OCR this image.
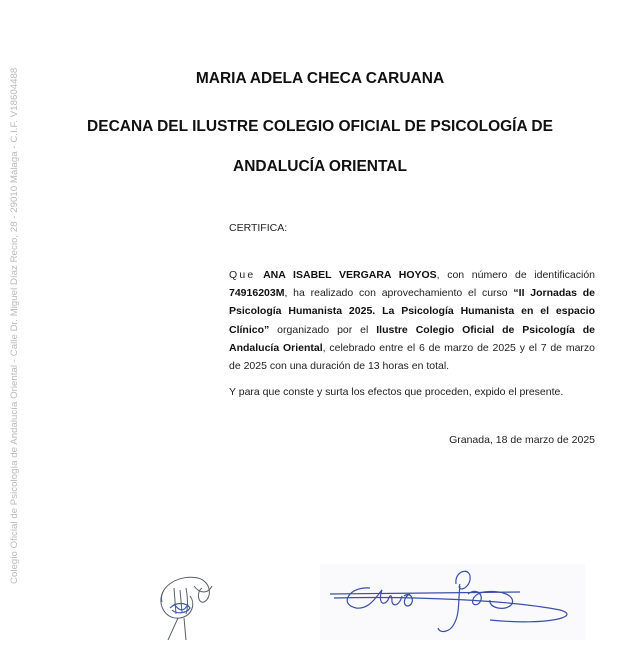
Colegio Oficial de Psicología de Andalucía Oriental - Calle Dr. Miguel Díaz Recio, 28 - 29010 Málaga - C.I.F. V18604488	MARIA ADELA CHECA CARUANA
DECANA DEL ILUSTRE COLEGIO OFICIAL DE PSICOLOGÍA DE
ANDALUCÍA ORIENTAL
CERTIFICA:
Que ANA ISABEL VERGARA HOYOS, con número de identificación 74916203M, ha realizado con aprovechamiento el curso “II Jornadas de Psicología Humanista 2025. La Psicología Humanista en el espacio Clínico” organizado por el Ilustre Colegio Oficial de Psicología de Andalucía Oriental, celebrado entre el 6 de marzo de 2025 y el 7 de marzo de 2025 con una duración de 13 horas en total.
Y para que conste y surta los efectos que proceden, expido el presente.
Granada, 18 de marzo de 2025
